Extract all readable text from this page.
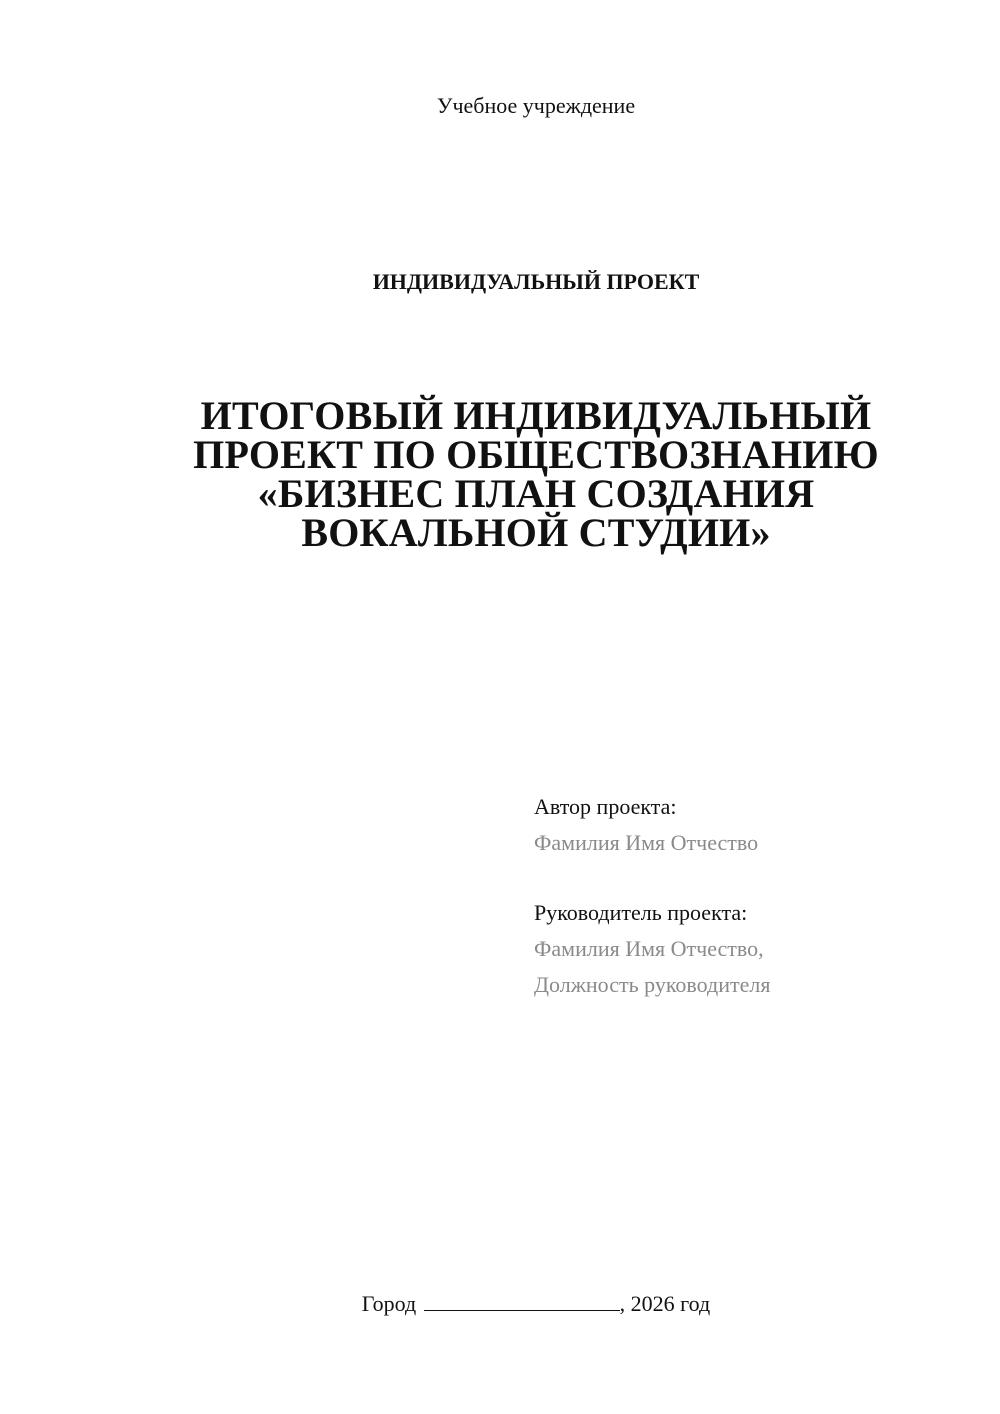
Учебное учреждение
ИНДИВИДУАЛЬНЫЙ ПРОЕКТ
ИТОГОВЫЙ ИНДИВИДУАЛЬНЫЙ
ПРОЕКТ ПО ОБЩЕСТВОЗНАНИЮ
«БИЗНЕС ПЛАН СОЗДАНИЯ
ВОКАЛЬНОЙ СТУДИИ»
Автор проекта:
Фамилия Имя Отчество
Руководитель проекта:
Фамилия Имя Отчество,
Должность руководителя
Город	, 2026 год
